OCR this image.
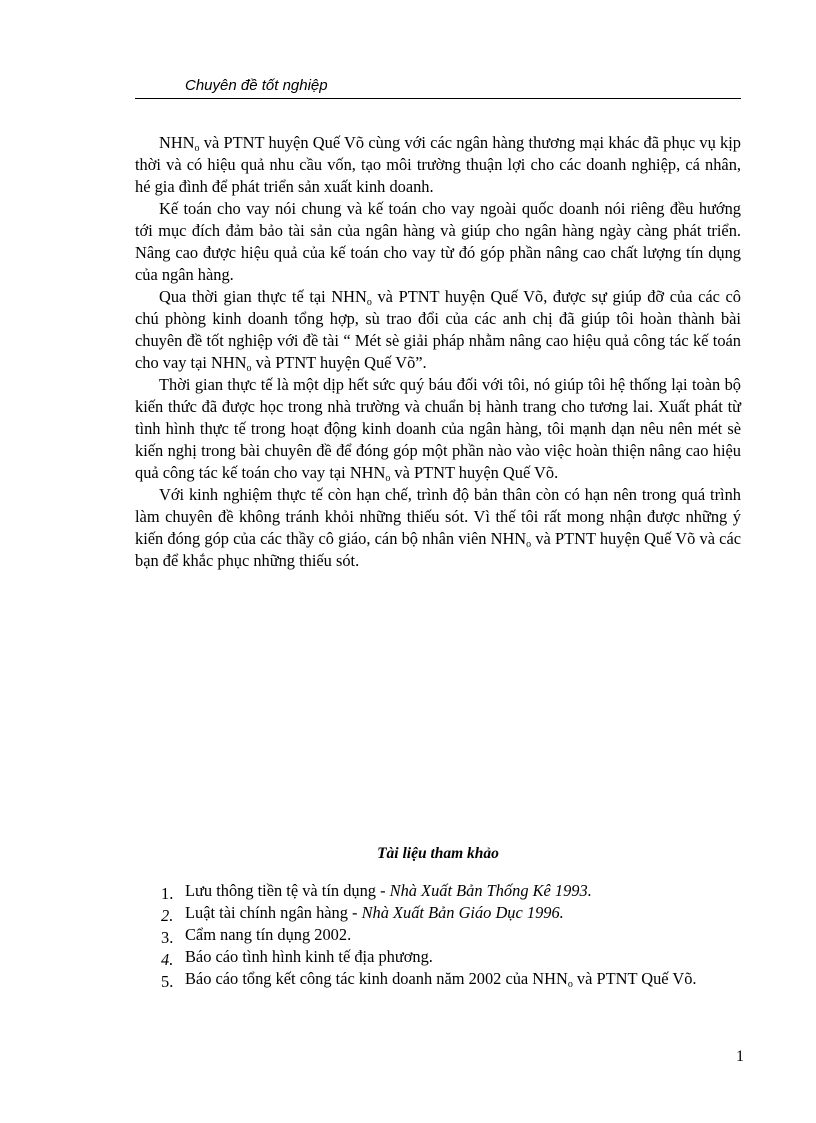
Chuyên đề tốt nghiệp

$NHN_o$ và PTNT huyện Quế Võ cùng với các ngân hàng thương mại khác đã phục vụ kịp thời và có hiệu quả nhu cầu vốn, tạo môi trường thuận lợi cho các doanh nghiệp, cá nhân, hé gia đình để phát triển sản xuất kinh doanh.

Kế toán cho vay nói chung và kế toán cho vay ngoài quốc doanh nói riêng đều hướng tới mục đích đảm bảo tài sản của ngân hàng và giúp cho ngân hàng ngày càng phát triển. Nâng cao được hiệu quả của kế toán cho vay từ đó góp phần nâng cao chất lượng tín dụng của ngân hàng.

Qua thời gian thực tế tại $NHN_o$ và PTNT huyện Quế Võ, được sự giúp đỡ của các cô chú phòng kinh doanh tổng hợp, sù trao đổi của các anh chị đã giúp tôi hoàn thành bài chuyên đề tốt nghiệp với đề tài “ Mét sè giải pháp nhằm nâng cao hiệu quả công tác kế toán cho vay tại $NHN_o$ và PTNT huyện Quế Võ”.

Thời gian thực tế là một dịp hết sức quý báu đối với tôi, nó giúp tôi hệ thống lại toàn bộ kiến thức đã được học trong nhà trường và chuẩn bị hành trang cho tương lai. Xuất phát từ tình hình thực tế trong hoạt động kinh doanh của ngân hàng, tôi mạnh dạn nêu nên mét sè kiến nghị trong bài chuyên đề để đóng góp một phần nào vào việc hoàn thiện nâng cao hiệu quả công tác kế toán cho vay tại $NHN_o$ và PTNT huyện Quế Võ.

Với kinh nghiệm thực tế còn hạn chế, trình độ bản thân còn có hạn nên trong quá trình làm chuyên đề không tránh khỏi những thiếu sót. Vì thế tôi rất mong nhận được những ý kiến đóng góp của các thầy cô giáo, cán bộ nhân viên $NHN_o$ và PTNT huyện Quế Võ và các bạn để khắc phục những thiếu sót.

Tài liệu tham khảo
1. Lưu thông tiền tệ và tín dụng - Nhà Xuất Bản Thống Kê 1993.
2. Luật tài chính ngân hàng - Nhà Xuất Bản Giáo Dục 1996.
3. Cẩm nang tín dụng 2002.
4. Báo cáo tình hình kinh tế địa phương.
5. Báo cáo tổng kết công tác kinh doanh năm 2002 của $NHN_o$ và PTNT Quế Võ.
1
